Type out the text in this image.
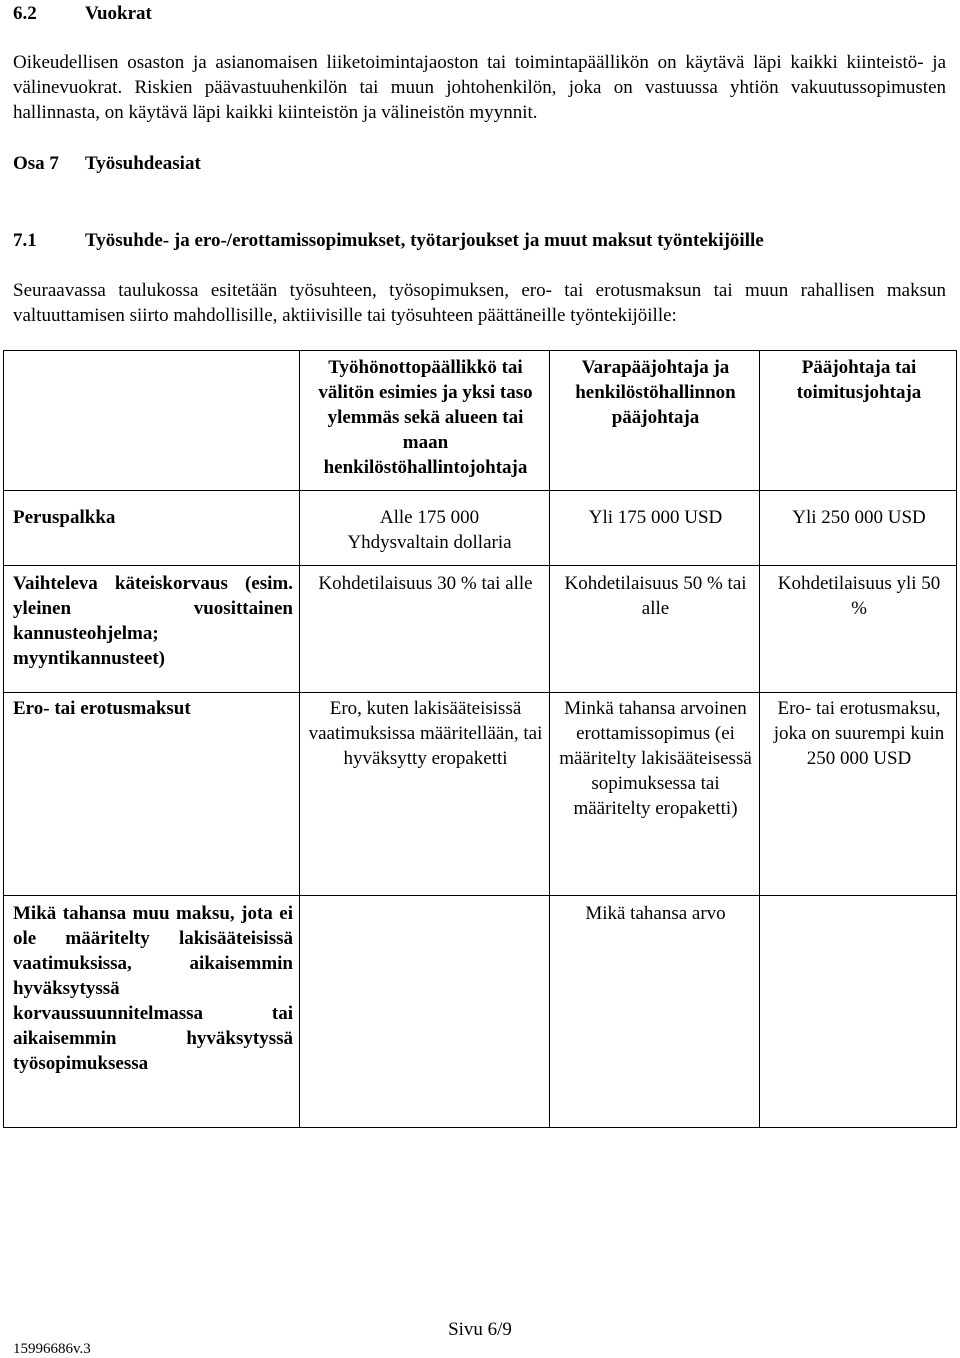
6.2	Vuokrat

Oikeudellisen osaston ja asianomaisen liiketoimintajaoston tai toimintapäällikön on käytävä läpi kaikki kiinteistö- ja välinevuokrat. Riskien päävastuuhenkilön tai muun johtohenkilön, joka on vastuussa yhtiön vakuutussopimusten hallinnasta, on käytävä läpi kaikki kiinteistön ja välineistön myynnit.

Osa 7 Työsuhdeasiat
7.1	Työsuhde- ja ero-/erottamissopimukset, työtarjoukset ja muut maksut työntekijöille

Seuraavassa taulukossa esitetään työsuhteen, työsopimuksen, ero- tai erotusmaksun tai muun rahallisen maksun valtuuttamisen siirto mahdollisille, aktiivisille tai työsuhteen päättäneille työntekijöille:

	Työhönottopäällikkö tai välitön esimies ja yksi taso ylemmäs sekä alueen tai maan henkilöstöhallintojohtaja	Varapääjohtaja ja henkilöstöhallinnon pääjohtaja	Pääjohtaja tai toimitusjohtaja
Peruspalkka	Alle 175 000 Yhdysvaltain dollaria	Yli 175 000 USD	Yli 250 000 USD
Vaihteleva käteiskorvaus (esim. yleinen vuosittainen kannusteohjelma; myyntikannusteet)	Kohdetilaisuus 30 % tai alle	Kohdetilaisuus 50 % tai alle	Kohdetilaisuus yli 50 %
Ero- tai erotusmaksut	Ero, kuten lakisääteisissä vaatimuksissa määritellään, tai hyväksytty eropaketti	Minkä tahansa arvoinen erottamissopimus (ei määritelty lakisääteisessä sopimuksessa tai määritelty eropaketti)	Ero- tai erotusmaksu, joka on suurempi kuin 250 000 USD
Mikä tahansa muu maksu, jota ei ole määritelty lakisääteisissä vaatimuksissa, aikaisemmin hyväksytyssä korvaussuunnitelmassa tai aikaisemmin hyväksytyssä työsopimuksessa		Mikä tahansa arvo	
Sivu 6/9
15996686v.3
